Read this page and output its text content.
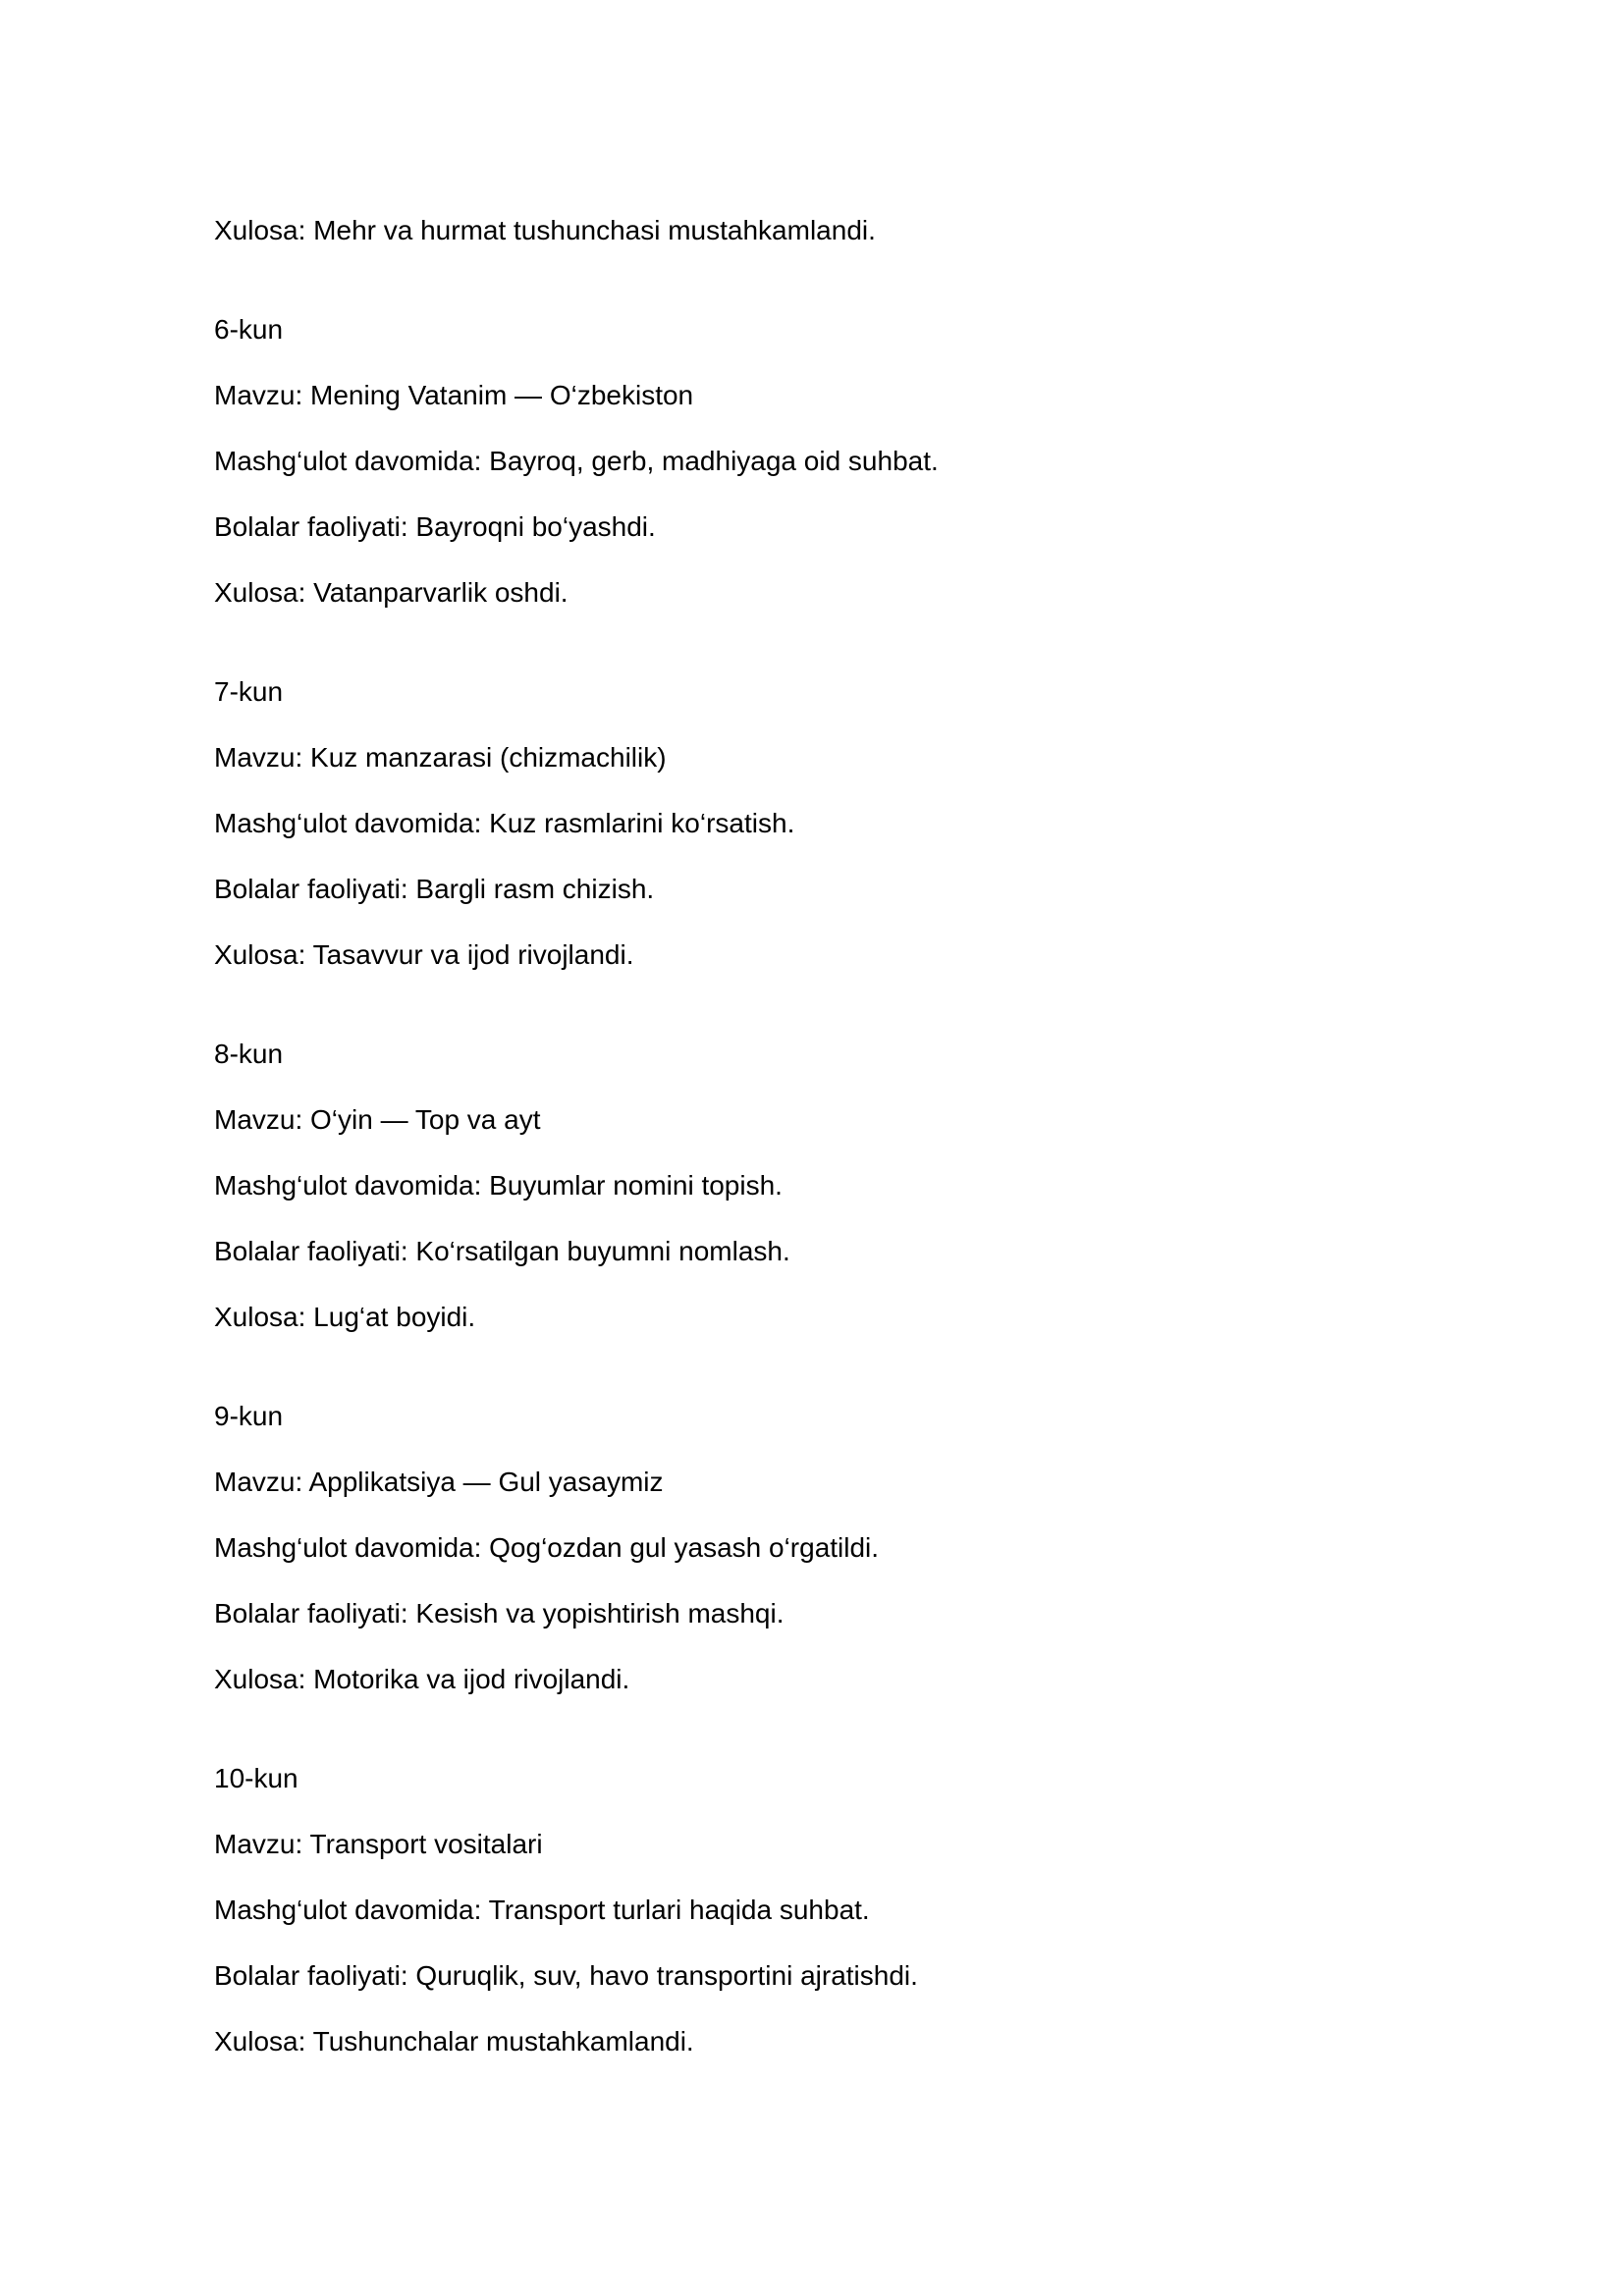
Xulosa: Mehr va hurmat tushunchasi mustahkamlandi.
6-kun
Mavzu: Mening Vatanim — O‘zbekiston
Mashg‘ulot davomida: Bayroq, gerb, madhiyaga oid suhbat.
Bolalar faoliyati: Bayroqni bo‘yashdi.
Xulosa: Vatanparvarlik oshdi.
7-kun
Mavzu: Kuz manzarasi (chizmachilik)
Mashg‘ulot davomida: Kuz rasmlarini ko‘rsatish.
Bolalar faoliyati: Bargli rasm chizish.
Xulosa: Tasavvur va ijod rivojlandi.
8-kun
Mavzu: O‘yin — Top va ayt
Mashg‘ulot davomida: Buyumlar nomini topish.
Bolalar faoliyati: Ko‘rsatilgan buyumni nomlash.
Xulosa: Lug‘at boyidi.
9-kun
Mavzu: Applikatsiya — Gul yasaymiz
Mashg‘ulot davomida: Qog‘ozdan gul yasash o‘rgatildi.
Bolalar faoliyati: Kesish va yopishtirish mashqi.
Xulosa: Motorika va ijod rivojlandi.
10-kun
Mavzu: Transport vositalari
Mashg‘ulot davomida: Transport turlari haqida suhbat.
Bolalar faoliyati: Quruqlik, suv, havo transportini ajratishdi.
Xulosa: Tushunchalar mustahkamlandi.
